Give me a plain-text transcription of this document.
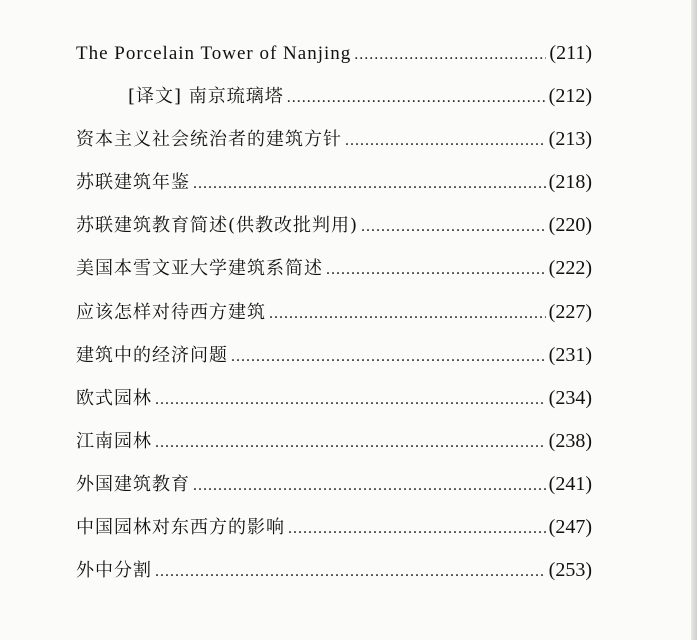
The Porcelain Tower of Nanjing .....	(211)
[译文] 南京琉璃塔 .....	(212)
资本主义社会统治者的建筑方针 .....	(213)
苏联建筑年鉴 .....	(218)
苏联建筑教育简述(供教改批判用) .....	(220)
美国本雪文亚大学建筑系简述 .....	(222)
应该怎样对待西方建筑 .....	(227)
建筑中的经济问题 .....	(231)
欧式园林 .....	(234)
江南园林 .....	(238)
外国建筑教育 .....	(241)
中国园林对东西方的影响 .....	(247)
外中分割 .....	(253)
